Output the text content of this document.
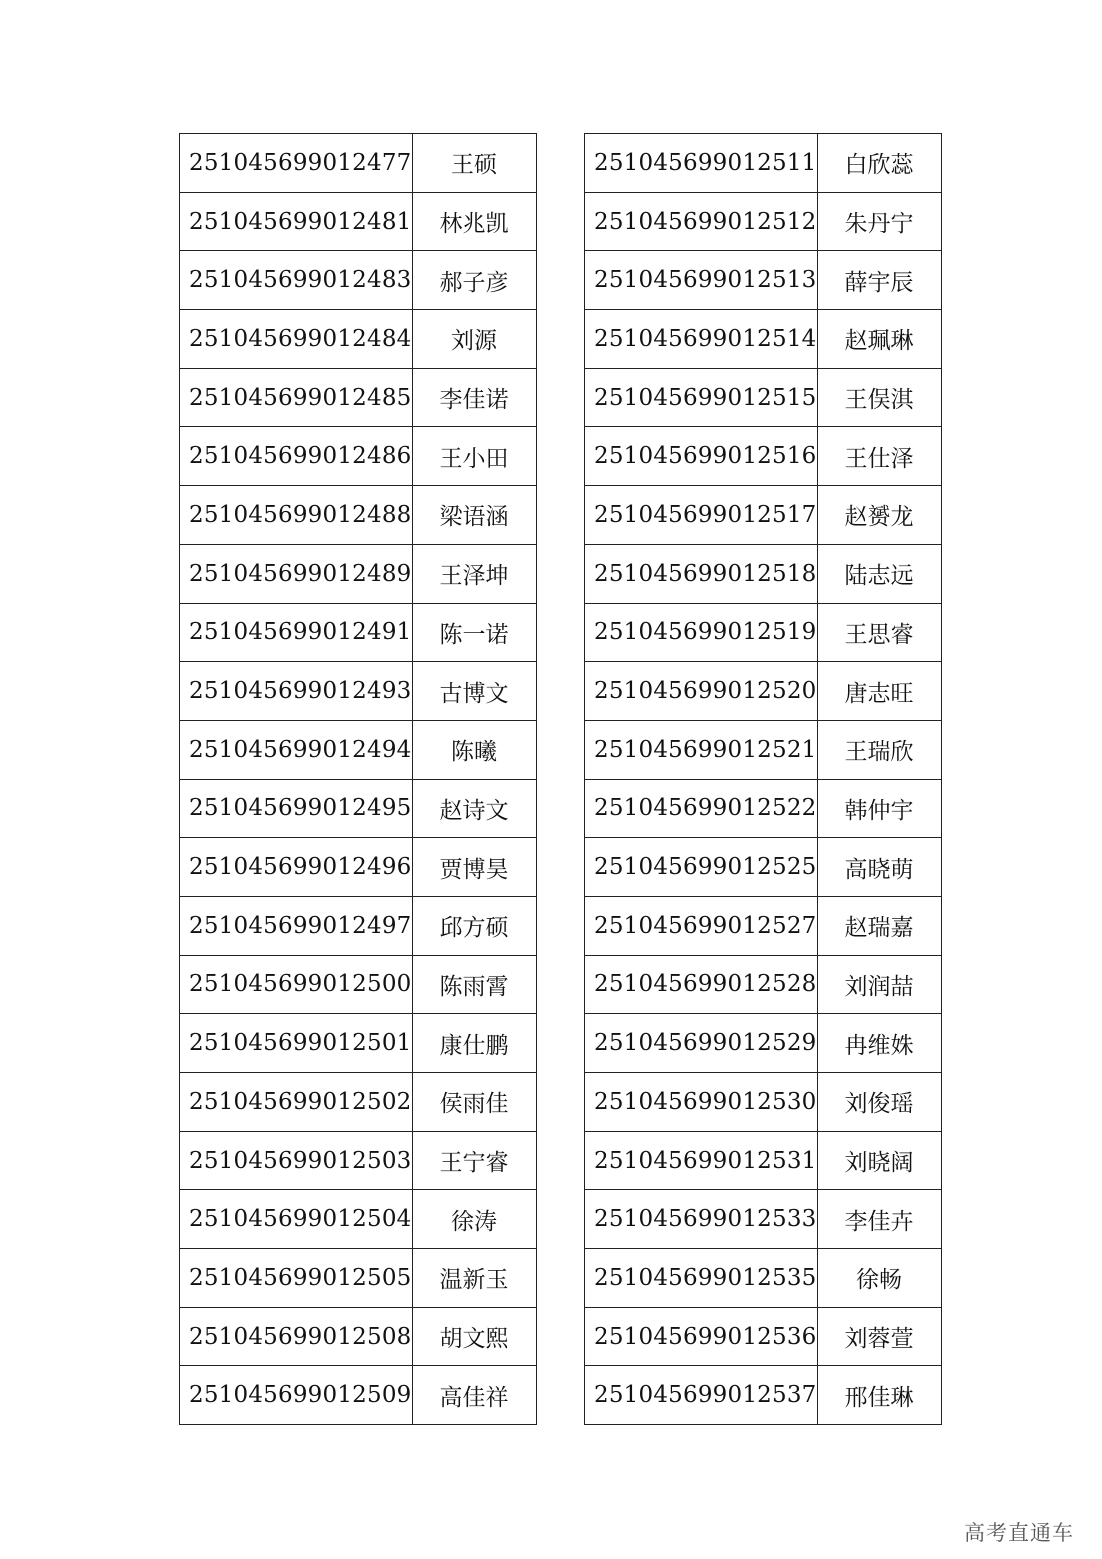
251045699012477	王硕
251045699012481	林兆凯
251045699012483	郝子彦
251045699012484	刘源
251045699012485	李佳诺
251045699012486	王小田
251045699012488	梁语涵
251045699012489	王泽坤
251045699012491	陈一诺
251045699012493	古博文
251045699012494	陈曦
251045699012495	赵诗文
251045699012496	贾博昊
251045699012497	邱方硕
251045699012500	陈雨霄
251045699012501	康仕鹏
251045699012502	侯雨佳
251045699012503	王宁睿
251045699012504	徐涛
251045699012505	温新玉
251045699012508	胡文熙
251045699012509	高佳祥
251045699012511	白欣蕊
251045699012512	朱丹宁
251045699012513	薛宇辰
251045699012514	赵珮琳
251045699012515	王俣淇
251045699012516	王仕泽
251045699012517	赵赟龙
251045699012518	陆志远
251045699012519	王思睿
251045699012520	唐志旺
251045699012521	王瑞欣
251045699012522	韩仲宇
251045699012525	高晓萌
251045699012527	赵瑞嘉
251045699012528	刘润喆
251045699012529	冉维姝
251045699012530	刘俊瑶
251045699012531	刘晓阔
251045699012533	李佳卉
251045699012535	徐畅
251045699012536	刘蓉萱
251045699012537	邢佳琳
高考直通车
